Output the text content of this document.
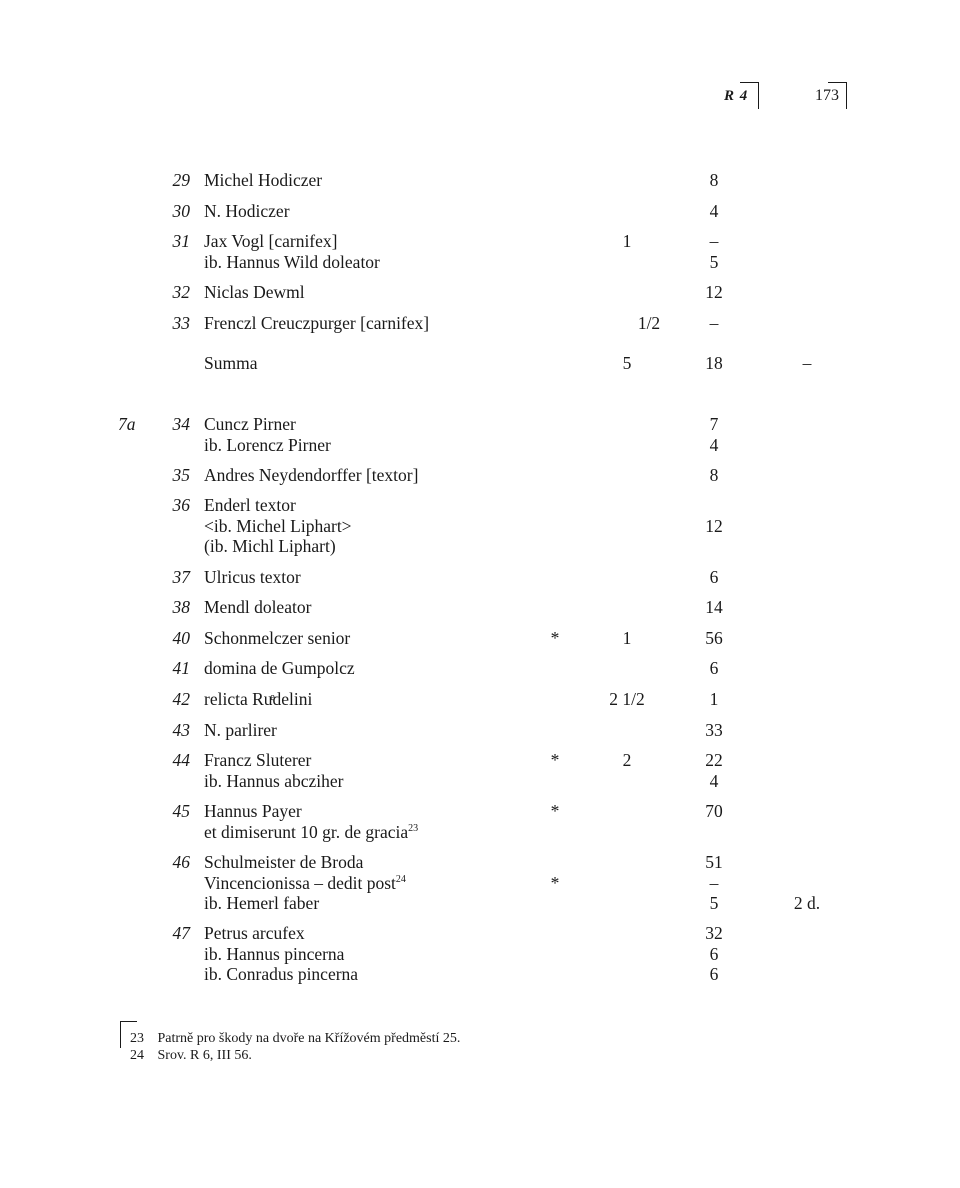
R 4	173
29 Michel Hodiczer	8
30 N. Hodiczer	4
31 Jax Vogl [carnifex]	1	–
ib. Hannus Wild doleator	5
32 Niclas Dewml	12
33 Frenczl Creuczpurger [carnifex]	1/2	–
Summa	5	18	–
7a	34 Cuncz Pirner	7
ib. Lorencz Pirner	4
35 Andres Neydendorffer [textor]	8
36 Enderl textor
<ib. Michel Liphart>	12
(ib. Michl Liphart)
37 Ulricus textor	6
38 Mendl doleator	14
40 Schonmelczer senior	*	1	56
41 domina de Gumpolcz	6
42 relicta Ruͤdelini	2 1/2	1
43 N. parlirer	33
44 Francz Sluterer	*	2	22
ib. Hannus abcziher	4
45 Hannus Payer	*	70
et dimiserunt 10 gr. de gracia$^{23}$
46 Schulmeister de Broda	51
Vincencionissa – dedit post$^{24}$	*	–
ib. Hemerl faber	5	2 d.
47 Petrus arcufex	32
ib. Hannus pincerna	6
ib. Conradus pincerna	6
23 Patrně pro škody na dvoře na Křížovém předměstí 25.
24 Srov. R 6, III 56.
